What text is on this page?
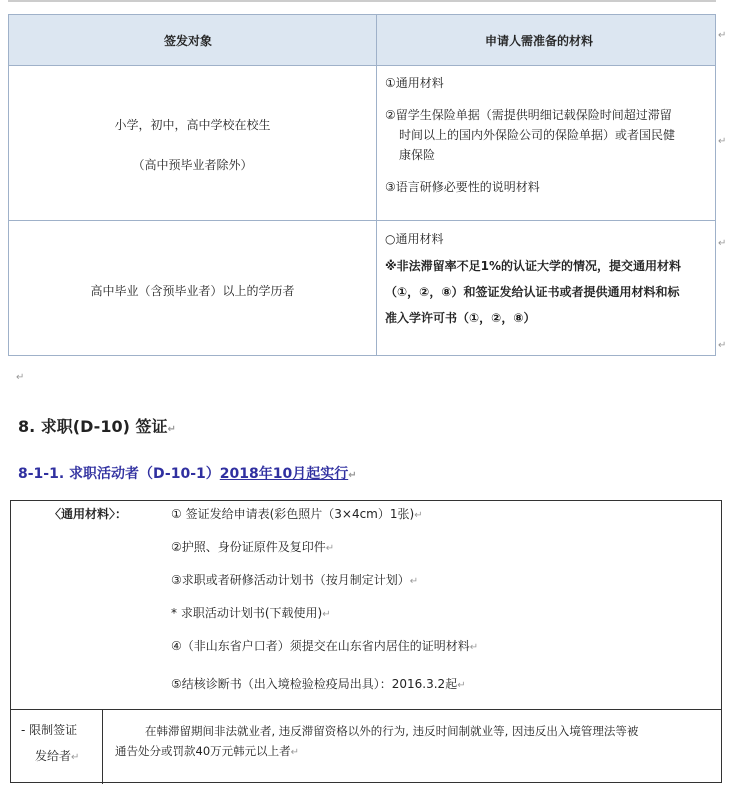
签发对象	申请人需准备的材料
小学，初中，高中学校在校生
（高中预毕业者除外）
①通用材料
②留学生保险单据（需提供明细记载保险时间超过滞留
时间以上的国内外保险公司的保险单据）或者国民健
康保险
③语言研修必要性的说明材料
高中毕业（含预毕业者）以上的学历者
○通用材料
※非法滞留率不足1%的认证大学的情况，提交通用材料
（①，②，⑧）和签证发给认证书或者提供通用材料和标
准入学许可书（①，②，⑧）
↵
↵
↵
↵
↵
8. 求职(D-10) 签证↵
8-1-1. 求职活动者（D-10-1）2018年10月起实行↵
〈通用材料〉：	① 签证发给申请表(彩色照片（3×4cm）1张)↵
②护照、身份证原件及复印件↵
③求职或者研修活动计划书（按月制定计划）↵
* 求职活动计划书(下载使用)↵
④（非山东省户口者）须提交在山东省内居住的证明材料↵
⑤结核诊断书（出入境检验检疫局出具）：2016.3.2起↵
- 限制签证
发给者↵
在韩滞留期间非法就业者, 违反滞留资格以外的行为, 违反时间制就业等, 因违反出入境管理法等被
通告处分或罚款40万元韩元以上者↵
